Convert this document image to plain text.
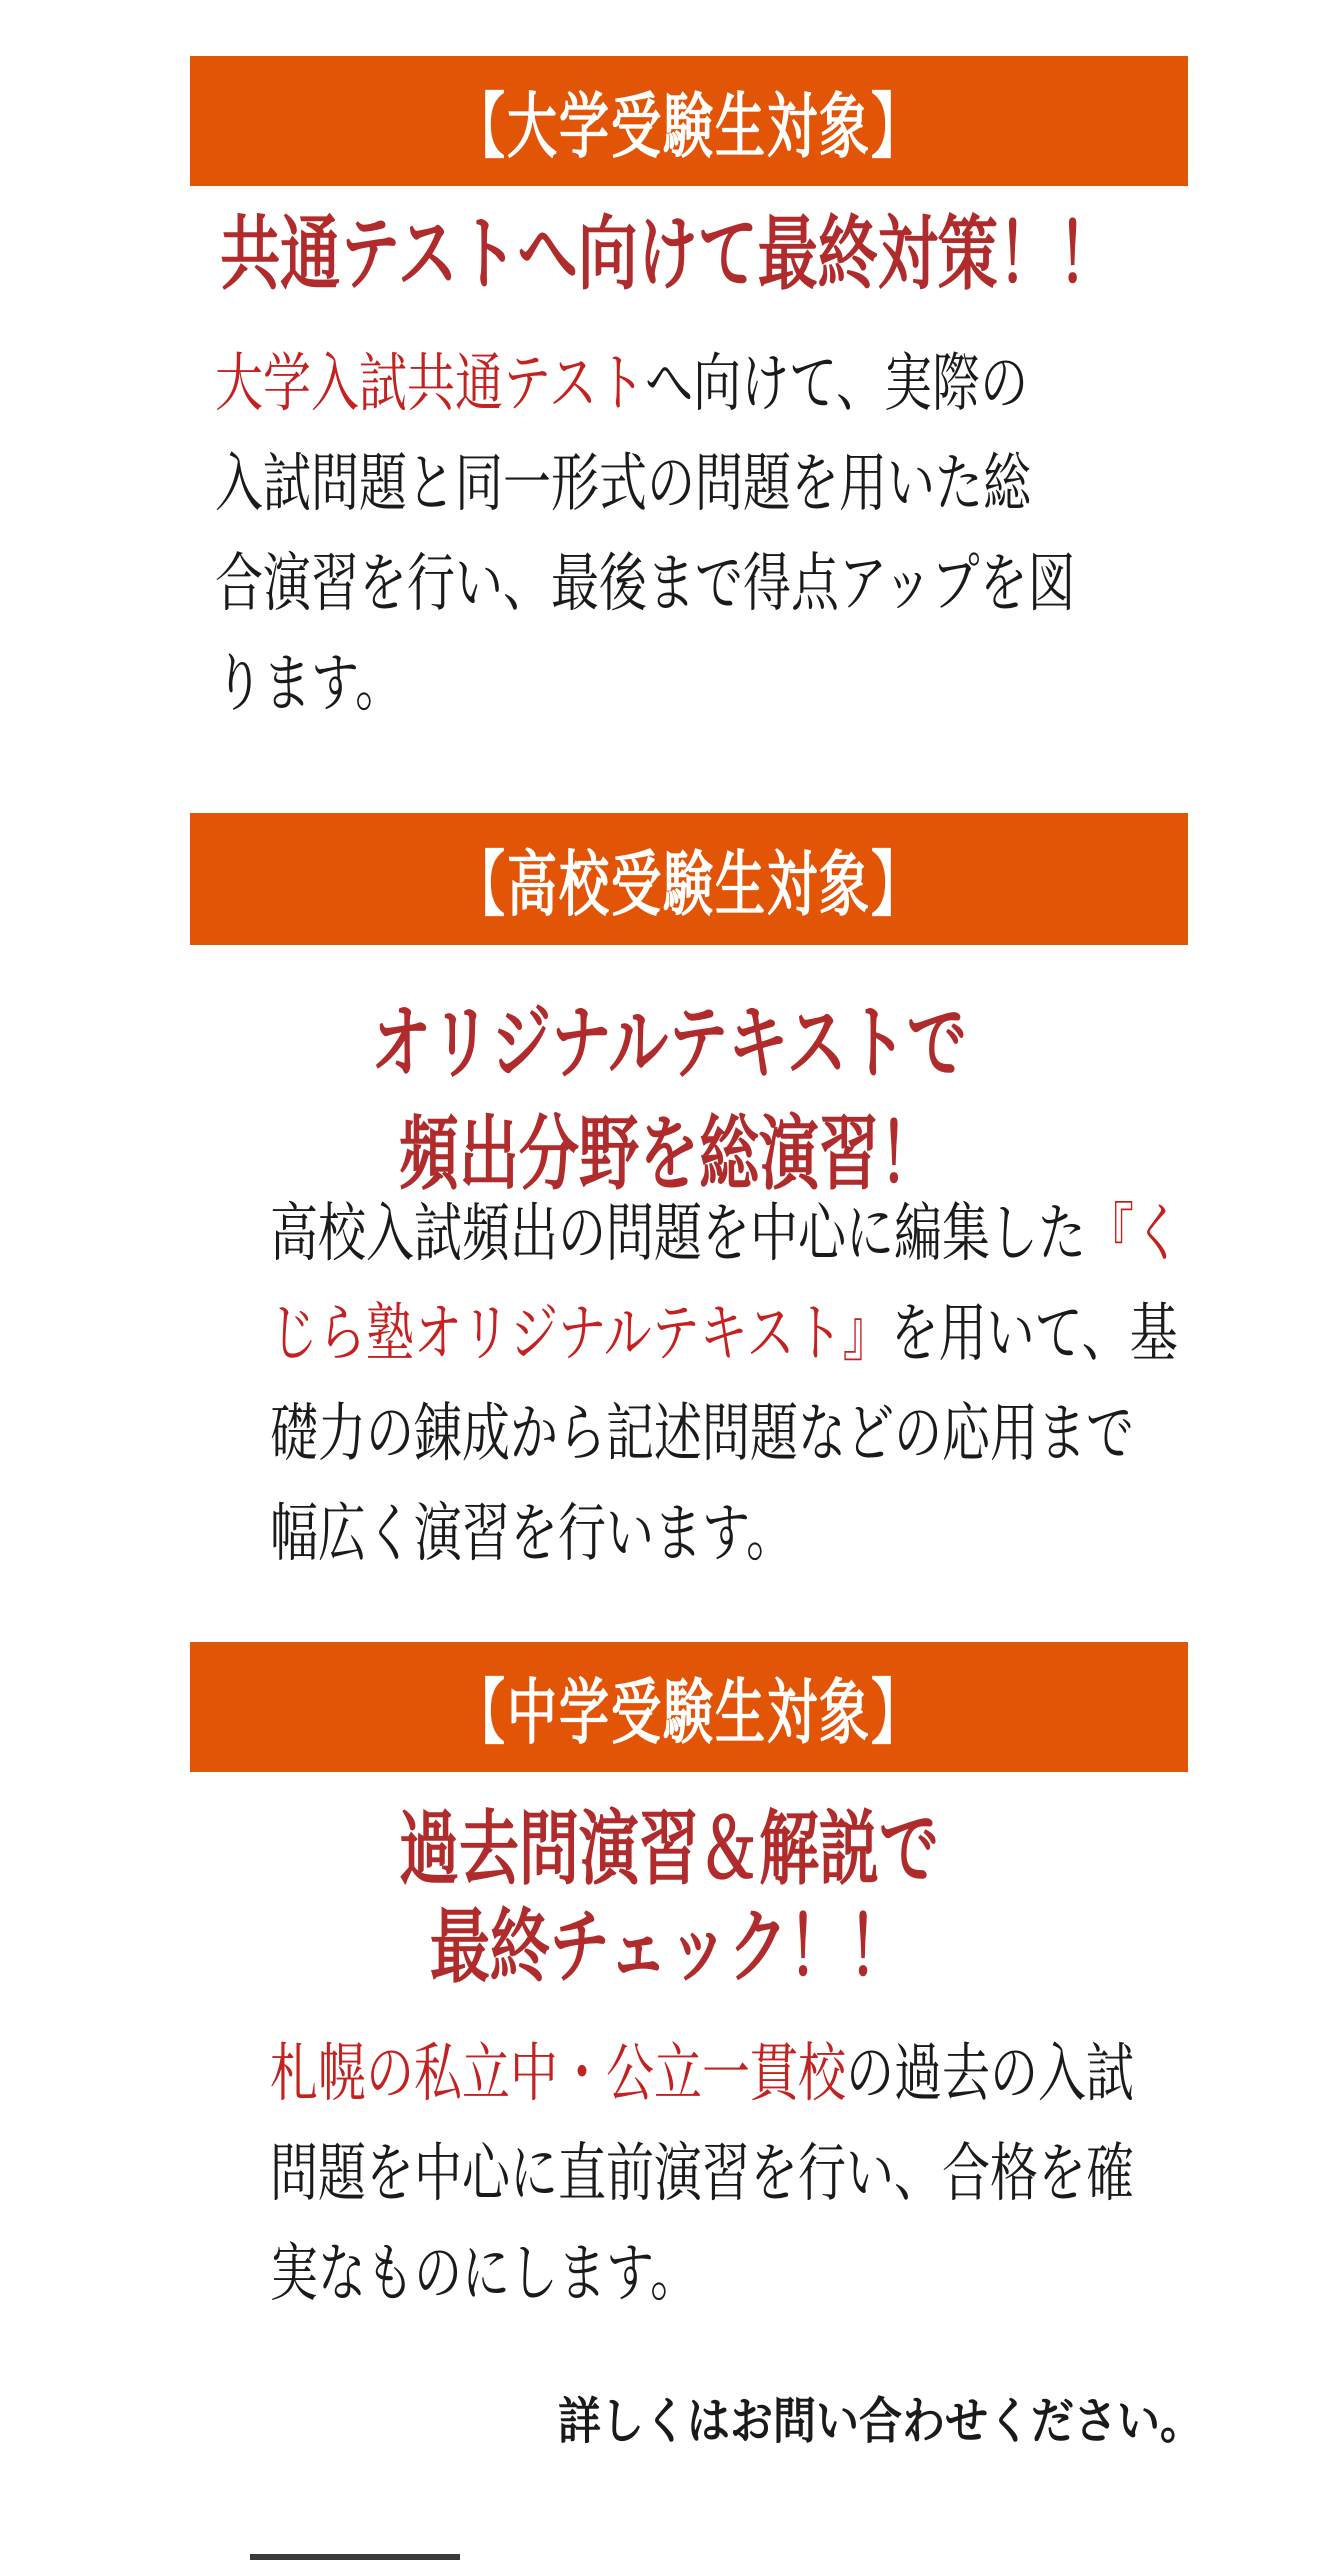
【大学受験生対象】
共通テストへ向けて最終対策！！
大学入試共通テストへ向けて、実際の
入試問題と同一形式の問題を用いた総
合演習を行い、最後まで得点アップを図
ります。
【高校受験生対象】
オリジナルテキストで
頻出分野を総演習！
高校入試頻出の問題を中心に編集した『く
じら塾オリジナルテキスト』を用いて、基
礎力の錬成から記述問題などの応用まで
幅広く演習を行います。
【中学受験生対象】
過去問演習＆解説で
最終チェック！！
札幌の私立中・公立一貫校の過去の入試
問題を中心に直前演習を行い、合格を確
実なものにします。
詳しくはお問い合わせください。
